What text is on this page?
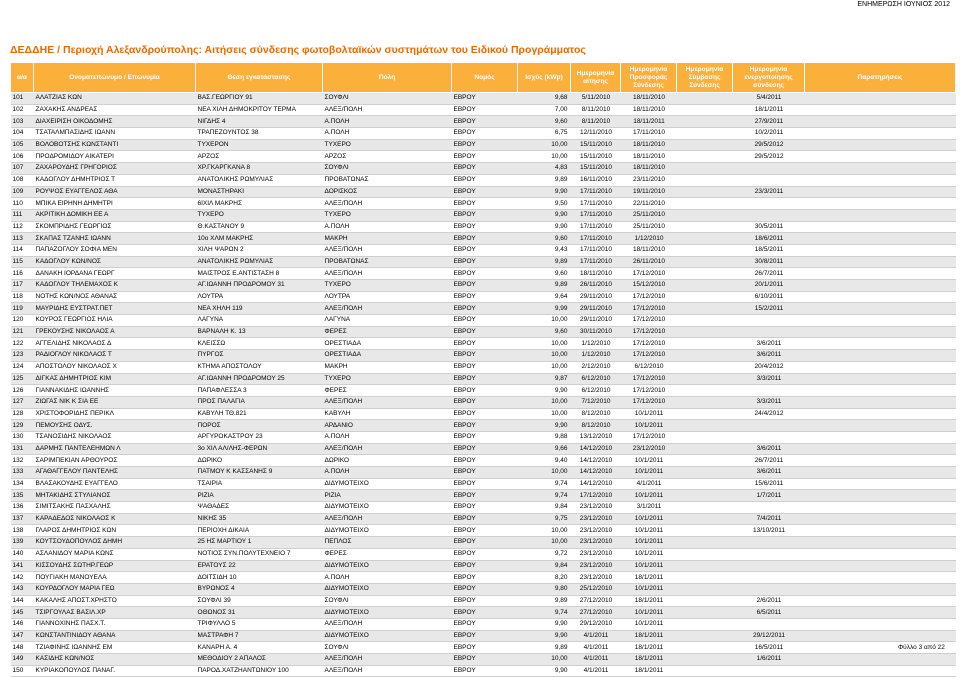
ΕΝΗΜΕΡΩΣΗ ΙΟΥΝΙΟΣ 2012
ΔΕΔΔΗΕ / Περιοχή Αλεξανδρούπολης: Αιτήσεις σύνδεσης φωτοβολταϊκών συστημάτων του Ειδικού Προγράμματος
α/α	Ονοματεπώνυμο / Επωνυμία	Θέση εγκατάστασης	Πόλη	Νομός	Ισχύς (kWp)	Ημερομηνία αίτησης	Ημερομηνία Προσφοράς Σύνδεσης	Ημερομηνία Σύμβασης Σύνδεσης	Ημερομηνία ενεργοποίησης σύνδεσης	Παρατηρήσεις
101	ΑΛΑΤΖΙΑΣ ΚΩΝ	ΒΑΣ.ΓΕΩΡΓΙΟΥ 91	ΣΟΥΦΛΙ	ΕΒΡΟΥ	9,68	5/11/2010	18/11/2010		5/4/2011	
102	ΖΑΧΑΚΗΣ ΑΝΔΡΕΑΣ	ΝΕΑ ΧΙΛΗ ΔΗΜΟΚΡΙΤΟΥ ΤΕΡΜΑ	ΑΛΕΞ/ΠΟΛΗ	ΕΒΡΟΥ	7,00	8/11/2010	18/11/2010		18/1/2011	
103	ΔΙΑΧΕΙΡΙΣΗ ΟΙΚΟΔΟΜΗΣ	ΝΙΓΔΗΣ 4	Α.ΠΟΛΗ	ΕΒΡΟΥ	9,60	8/11/2010	18/11/2011		27/9/2011	
104	ΤΣΑΤΑΛΜΠΑΣΙΔΗΣ ΙΩΑΝΝ	ΤΡΑΠΕΖΟΥΝΤΟΣ 38	Α.ΠΟΛΗ	ΕΒΡΟΥ	6,75	12/11/2010	17/11/2010		10/2/2011	
105	ΒΟΛΟΒΟΤΣΗΣ ΚΩΝΣΤΑΝΤΙ	ΤΥΧΕΡΟΝ	ΤΥΧΕΡΟ	ΕΒΡΟΥ	10,00	15/11/2010	18/11/2010		29/5/2012	
106	ΠΡΟΔΡΟΜΙΔΟΥ ΑΙΚΑΤΕΡΙ	ΑΡΖΟΣ	ΑΡΖΟΣ	ΕΒΡΟΥ	10,00	15/11/2010	18/11/2010		29/5/2012	
107	ΖΑΧΑΡΟΥΔΗΣ ΓΡΗΓΟΡΙΟΣ	ΧΡ.ΓΚΑΡΓΚΑΝΑ 8	ΣΟΥΦΛΙ	ΕΒΡΟΥ	4,83	15/11/2010	18/11/2010			
108	ΚΑΔΟΓΛΟΥ ΔΗΜΗΤΡΙΟΣ Τ	ΑΝΑΤΟΛΙΚΗΣ ΡΩΜΥΛΙΑΣ	ΠΡΟΒΑΤΩΝΑΣ	ΕΒΡΟΥ	9,89	16/11/2010	23/11/2010			
109	ΡΟΥΨΟΣ ΕΥΑΓΓΕΛΟΣ ΑΘΑ	ΜΟΝΑΣΤΗΡΑΚΙ	ΔΟΡΙΣΚΟΣ	ΕΒΡΟΥ	9,90	17/11/2010	19/11/2010		23/3/2011	
110	ΜΠΙΚΑ ΕΙΡΗΝΗ ΔΗΜΗΤΡΙ	6ΙΧΙΛ ΜΑΚΡΗΣ	ΑΛΕΞ/ΠΟΛΗ	ΕΒΡΟΥ	9,50	17/11/2010	22/11/2010			
111	ΑΚΡΙΤΙΚΗ ΔΟΜΙΚΗ ΕΕ Α	ΤΥΧΕΡΟ	ΤΥΧΕΡΟ	ΕΒΡΟΥ	9,90	17/11/2010	25/11/2010			
112	ΣΚΟΜΠΡΙΔΗΣ ΓΕΩΡΓΙΟΣ	Θ.ΚΑΣΤΑΝΟΥ 9	Α.ΠΟΛΗ	ΕΒΡΟΥ	9,90	17/11/2010	25/11/2010		30/5/2011	
113	ΣΚΑΠΑΣ ΤΖΑΝΗΣ ΙΩΑΝΝ	10ο ΧΛΜ ΜΑΚΡΗΣ	ΜΑΚΡΗ	ΕΒΡΟΥ	9,60	17/11/2010	1/12/2010		18/6/2011	
114	ΠΑΠΑΖΟΓΛΟΥ ΣΟΦΙΑ ΜΕΝ	ΧΙΛΗ ΨΑΡΩΝ 2	ΑΛΕΞ/ΠΟΛΗ	ΕΒΡΟΥ	9,43	17/11/2010	18/11/2010		18/5/2011	
115	ΚΑΔΟΓΛΟΥ ΚΩΝ/ΝΟΣ	ΑΝΑΤΟΛΙΚΗΣ ΡΩΜΥΛΙΑΣ	ΠΡΟΒΑΤΩΝΑΣ	ΕΒΡΟΥ	9,89	17/11/2010	26/11/2010		30/8/2011	
116	ΔΑΝΑΚΗ ΙΟΡΔΑΝΑ ΓΕΩΡΓ	ΜΑΙΣΤΡΟΣ Ε.ΑΝΤΙΣΤΑΣΗ 8	ΑΛΕΞ/ΠΟΛΗ	ΕΒΡΟΥ	9,60	18/11/2010	17/12/2010		26/7/2011	
117	ΚΑΔΟΓΛΟΥ ΤΗΛΕΜΑΧΟΣ Κ	ΑΓ.ΙΩΑΝΝΗ ΠΡΟΔΡΟΜΟΥ 31	ΤΥΧΕΡΟ	ΕΒΡΟΥ	9,89	26/11/2010	15/12/2010		20/1/2011	
118	ΝΟΤΗΣ ΚΩΝ/ΝΟΣ ΑΘΑΝΑΣ	ΛΟΥΤΡΑ	ΛΟΥΤΡΑ	ΕΒΡΟΥ	9,64	29/11/2010	17/12/2010		6/10/2011	
119	ΜΑΥΡΙΔΗΣ ΕΥΣΤΡΑΤ.ΠΕΤ	ΝΕΑ ΧΗΛΗ 119	ΑΛΕΞ/ΠΟΛΗ	ΕΒΡΟΥ	9,99	29/11/2010	17/12/2010		15/2/2011	
120	ΚΟΥΡΟΣ ΓΕΩΡΓΙΟΣ ΗΛΙΑ	ΛΑΓΥΝΑ	ΛΑΓΥΝΑ	ΕΒΡΟΥ	10,00	29/11/2010	17/12/2010			
121	ΓΡΕΚΟΥΣΗΣ ΝΙΚΟΛΑΟΣ Α	ΒΑΡΝΑΛΗ Κ. 13	ΦΕΡΕΣ	ΕΒΡΟΥ	9,60	30/11/2010	17/12/2010			
122	ΑΓΓΕΛΙΔΗΣ ΝΙΚΟΛΑΟΣ Δ	ΚΛΕΙΣΣΩ	ΟΡΕΣΤΙΑΔΑ	ΕΒΡΟΥ	10,00	1/12/2010	17/12/2010		3/6/2011	
123	ΡΑΔΙΟΓΛΟΥ ΝΙΚΟΛΑΟΣ Τ	ΠΥΡΓΟΣ	ΟΡΕΣΤΙΑΔΑ	ΕΒΡΟΥ	10,00	1/12/2010	17/12/2010		3/6/2011	
124	ΑΠΟΣΤΟΛΟΥ ΝΙΚΟΛΑΟΣ Χ	ΚΤΗΜΑ ΑΠΟΣΤΟΛΟΥ	ΜΑΚΡΗ	ΕΒΡΟΥ	10,00	2/12/2010	6/12/2010		20/4/2012	
125	ΔΙΓΚΑΣ ΔΗΜΗΤΡΙΟΣ ΚΙΜ	ΑΓ.ΙΩΑΝΝΗ ΠΡΟΔΡΟΜΟΥ 25	ΤΥΧΕΡΟ	ΕΒΡΟΥ	9,87	6/12/2010	17/12/2010		3/3/2011	
126	ΓΙΑΝΝΑΚΙΔΗΣ ΙΩΑΝΝΗΣ	ΠΑΠΑΦΛΕΣΣΑ 3	ΦΕΡΕΣ	ΕΒΡΟΥ	9,90	6/12/2010	17/12/2010			
127	ΖΙΩΓΑΣ ΝΙΚ Κ ΣΙΑ ΕΕ	ΠΡΟΣ ΠΑΛΑΓΙΑ	ΑΛΕΞ/ΠΟΛΗ	ΕΒΡΟΥ	10,00	7/12/2010	17/12/2010		3/3/2011	
128	ΧΡΙΣΤΟΦΟΡΙΔΗΣ ΠΕΡΙΚΛ	ΚΑΒΥΛΗ ΤΘ.821	ΚΑΒΥΛΗ	ΕΒΡΟΥ	10,00	8/12/2010	10/1/2011		24/4/2012	
129	ΠΕΜΟΥΣΗΣ ΟΔΥΣ.	ΠΟΡΟΣ	ΑΡΔΑΝΙΟ	ΕΒΡΟΥ	9,90	8/12/2010	10/1/2011			
130	ΤΣΑΝΟΣΙΔΗΣ ΝΙΚΟΛΑΟΣ	ΑΡΓΥΡΟΚΑΣΤΡΟΥ 23	Α.ΠΟΛΗ	ΕΒΡΟΥ	9,88	13/12/2010	17/12/2010			
131	ΔΑΡΜΗΣ ΠΑΝΤΕΛΕΗΜΩΝ Λ	3ο ΧΙΛ ΑΛ/ΛΗΣ-ΦΕΡΩΝ	ΑΛΕΞ/ΠΟΛΗ	ΕΒΡΟΥ	9,66	14/12/2010	23/12/2010		3/6/2011	
132	ΣΑΡΙΜΠΕΚΙΑΝ ΑΡΘΟΥΡΟΣ	ΔΩΡΙΚΟ	ΔΩΡΙΚΟ	ΕΒΡΟΥ	9,40	14/12/2010	10/1/2011		26/7/2011	
133	ΑΓΑΘΑΓΓΕΛΟΥ ΠΑΝΤΕΛΗΣ	ΠΑΤΜΟΥ Κ ΚΑΣΣΑΝΗΣ 9	Α.ΠΟΛΗ	ΕΒΡΟΥ	10,00	14/12/2010	10/1/2011		3/6/2011	
134	ΒΛΑΣΑΚΟΥΔΗΣ ΕΥΑΓΓΕΛΟ	ΤΣΑΙΡΙΑ	ΔΙΔΥΜΟΤΕΙΧΟ	ΕΒΡΟΥ	9,74	14/12/2010	4/1/2011		15/6/2011	
135	ΜΗΤΑΚΙΔΗΣ ΣΤΥΛΙΑΝΟΣ	ΡΙΖΙΑ	ΡΙΖΙΑ	ΕΒΡΟΥ	9,74	17/12/2010	10/1/2011		1/7/2011	
136	ΣΙΜΙΤΣΑΚΗΣ ΠΑΣΧΑΛΗΣ	ΨΑΘΑΔΕΣ	ΔΙΔΥΜΟΤΕΙΧΟ	ΕΒΡΟΥ	9,84	23/12/2010	3/1/2011			
137	ΚΑΡΑΔΕΔΟΣ ΝΙΚΟΛΑΟΣ Κ	ΝΙΚΗΣ 35	ΑΛΕΞ/ΠΟΛΗ	ΕΒΡΟΥ	9,75	23/12/2010	10/1/2011		7/4/2011	
138	ΓΛΑΡΟΣ ΔΗΜΗΤΡΙΟΣ ΚΩΝ	ΠΕΡΙΟΧΗ ΔΙΚΑΙΑ	ΔΙΔΥΜΟΤΕΙΧΟ	ΕΒΡΟΥ	10,00	23/12/2010	10/1/2011		13/10/2011	
139	ΚΟΥΤΣΟΥΔΟΠΟΥΛΟΣ ΔΗΜΗ	25 ΗΣ ΜΑΡΤΙΟΥ 1	ΠΕΠΛΟΣ	ΕΒΡΟΥ	10,00	23/12/2010	10/1/2011			
140	ΑΣΛΑΝΙΔΟΥ ΜΑΡΙΑ ΚΩΝΣ	ΝΟΤΙΟΣ ΣΥΝ.ΠΟΛΥΤΕΧΝΕΙΟ 7	ΦΕΡΕΣ	ΕΒΡΟΥ	9,72	23/12/2010	10/1/2011			
141	ΚΙΣΣΟΥΔΗΣ ΣΩΤΗΡ.ΓΕΩΡ	ΕΡΑΤΟΥΣ 22	ΔΙΔΥΜΟΤΕΙΧΟ	ΕΒΡΟΥ	9,84	23/12/2010	10/1/2011			
142	ΠΟΥΓΙΑΚΗ ΜΑΝΟΥΕΛΑ	ΔΟΙΤΣΙΔΗ 10	Α.ΠΟΛΗ	ΕΒΡΟΥ	8,20	23/12/2010	18/1/2011			
143	ΚΟΥΡΔΟΓΛΟΥ ΜΑΡΙΑ ΓΕΩ	ΒΥΡΩΝΟΣ 4	ΔΙΔΥΜΟΤΕΙΧΟ	ΕΒΡΟΥ	9,80	25/12/2010	10/1/2011			
144	ΚΑΚΑΛΗΣ ΑΠΟΣΤ.ΧΡΗΣΤΟ	ΣΟΥΦΛΙ 39	ΣΟΥΦΛΙ	ΕΒΡΟΥ	9,89	27/12/2010	18/1/2011		2/6/2011	
145	ΤΣΙΡΓΟΥΛΑΣ ΒΑΣΙΛ.ΧΡ	ΟΘΩΝΟΣ 31	ΔΙΔΥΜΟΤΕΙΧΟ	ΕΒΡΟΥ	9,74	27/12/2010	10/1/2011		6/5/2011	
146	ΓΙΑΝΝΟΧΙΝΗΣ ΠΑΣΧ.Τ.	ΤΡΙΦΥΛΛΟ 5	ΑΛΕΞ/ΠΟΛΗ	ΕΒΡΟΥ	9,90	29/12/2010	10/1/2011			
147	ΚΩΝΣΤΑΝΤΙΝΙΔΟΥ ΑΘΑΝΑ	ΜΑΣΤΡΑΦΗ 7	ΔΙΔΥΜΟΤΕΙΧΟ	ΕΒΡΟΥ	9,90	4/1/2011	18/1/2011		29/12/2011	
148	ΤΖΙΑΦΙΝΗΣ ΙΩΑΝΝΗΣ ΕΜ	ΚΑΝΑΡΗ Α. 4	ΣΟΥΦΛΙ	ΕΒΡΟΥ	9,89	4/1/2011	18/1/2011		16/5/2011	
149	ΚΑΣΙΔΗΣ ΚΩΝ/ΝΟΣ	ΜΕΘΟΔΙΟΥ 2 ΑΠΑΛΟΣ	ΑΛΕΞ/ΠΟΛΗ	ΕΒΡΟΥ	10,00	4/1/2011	18/1/2011		1/6/2011	
150	ΚΥΡΙΑΚΟΠΟΥΛΟΣ ΠΑΝΑΓ.	ΠΑΡΟΔ.ΧΑΤΖΗΑΝΤΩΝΙΟΥ 100	ΑΛΕΞ/ΠΟΛΗ	ΕΒΡΟΥ	9,90	4/1/2011	18/1/2011			
Φύλλο 3 από 22
